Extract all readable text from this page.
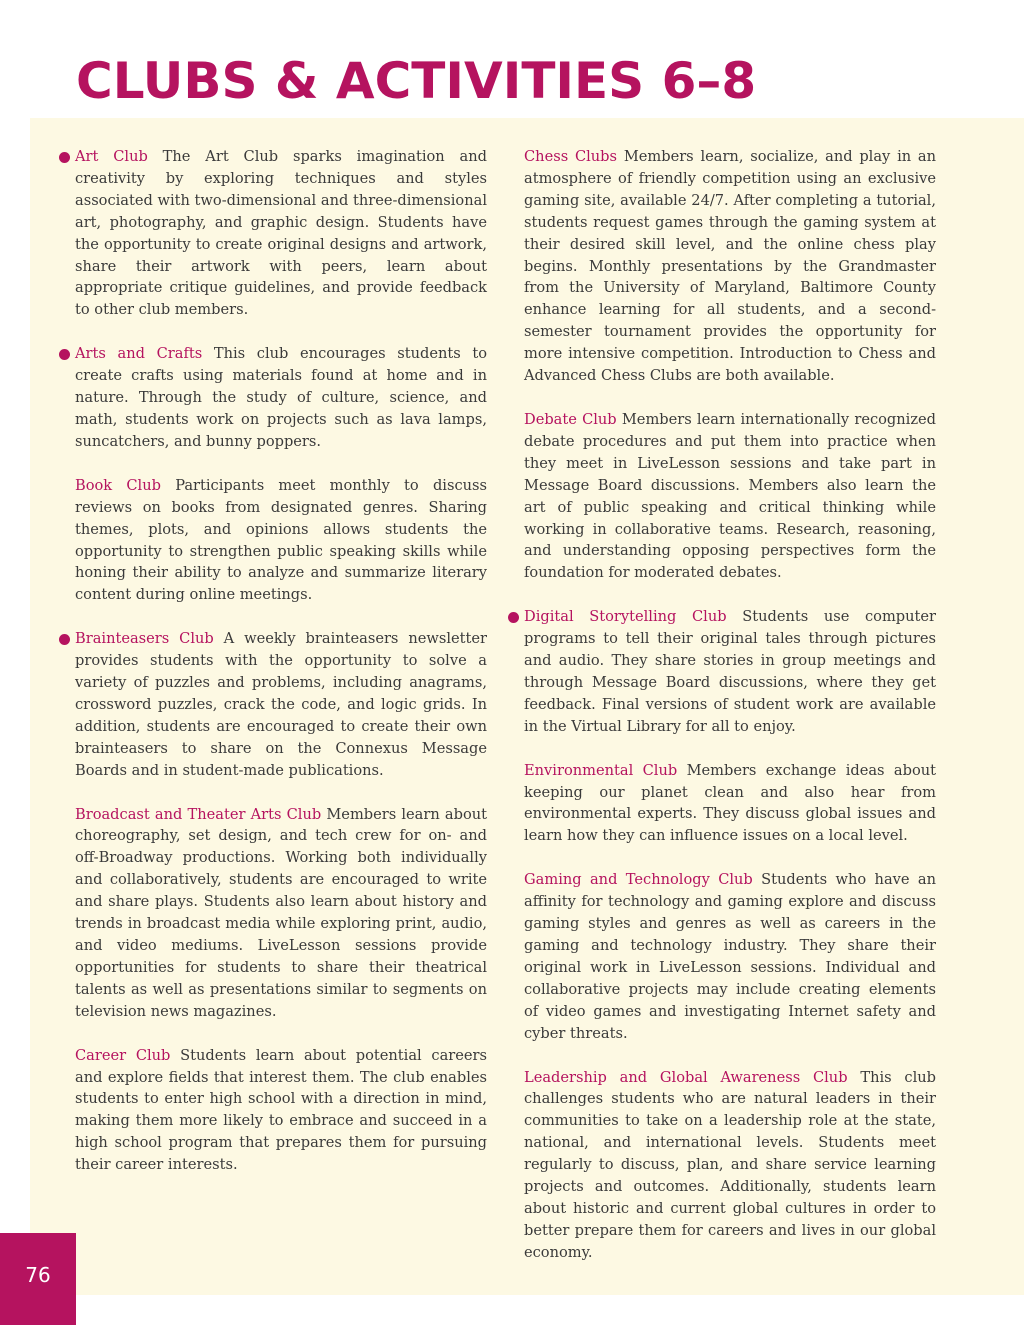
CLUBS & ACTIVITIES 6–8

Art Club The Art Club sparks imagination and creativity by exploring techniques and styles associated with two-dimensional and three-dimensional art, photography, and graphic design. Students have the opportunity to create original designs and artwork, share their artwork with peers, learn about appropriate critique guidelines, and provide feedback to other club members.

Arts and Crafts This club encourages students to create crafts using materials found at home and in nature. Through the study of culture, science, and math, students work on projects such as lava lamps, suncatchers, and bunny poppers.

Book Club Participants meet monthly to discuss reviews on books from designated genres. Sharing themes, plots, and opinions allows students the opportunity to strengthen public speaking skills while honing their ability to analyze and summarize literary content during online meetings.

Brainteasers Club A weekly brainteasers newsletter provides students with the opportunity to solve a variety of puzzles and problems, including anagrams, crossword puzzles, crack the code, and logic grids. In addition, students are encouraged to create their own brainteasers to share on the Connexus Message Boards and in student-made publications.

Broadcast and Theater Arts Club Members learn about choreography, set design, and tech crew for on- and off-Broadway productions. Working both individually and collaboratively, students are encouraged to write and share plays. Students also learn about history and trends in broadcast media while exploring print, audio, and video mediums. LiveLesson sessions provide opportunities for students to share their theatrical talents as well as presentations similar to segments on television news magazines.

Career Club Students learn about potential careers and explore fields that interest them. The club enables students to enter high school with a direction in mind, making them more likely to embrace and succeed in a high school program that prepares them for pursuing their career interests.

Chess Clubs Members learn, socialize, and play in an atmosphere of friendly competition using an exclusive gaming site, available 24/7. After completing a tutorial, students request games through the gaming system at their desired skill level, and the online chess play begins. Monthly presentations by the Grandmaster from the University of Maryland, Baltimore County enhance learning for all students, and a second-semester tournament provides the opportunity for more intensive competition. Introduction to Chess and Advanced Chess Clubs are both available.

Debate Club Members learn internationally recognized debate procedures and put them into practice when they meet in LiveLesson sessions and take part in Message Board discussions. Members also learn the art of public speaking and critical thinking while working in collaborative teams. Research, reasoning, and understanding opposing perspectives form the foundation for moderated debates.

Digital Storytelling Club Students use computer programs to tell their original tales through pictures and audio. They share stories in group meetings and through Message Board discussions, where they get feedback. Final versions of student work are available in the Virtual Library for all to enjoy.

Environmental Club Members exchange ideas about keeping our planet clean and also hear from environmental experts. They discuss global issues and learn how they can influence issues on a local level.

Gaming and Technology Club Students who have an affinity for technology and gaming explore and discuss gaming styles and genres as well as careers in the gaming and technology industry. They share their original work in LiveLesson sessions. Individual and collaborative projects may include creating elements of video games and investigating Internet safety and cyber threats.

Leadership and Global Awareness Club This club challenges students who are natural leaders in their communities to take on a leadership role at the state, national, and international levels. Students meet regularly to discuss, plan, and share service learning projects and outcomes. Additionally, students learn about historic and current global cultures in order to better prepare them for careers and lives in our global economy.

76
